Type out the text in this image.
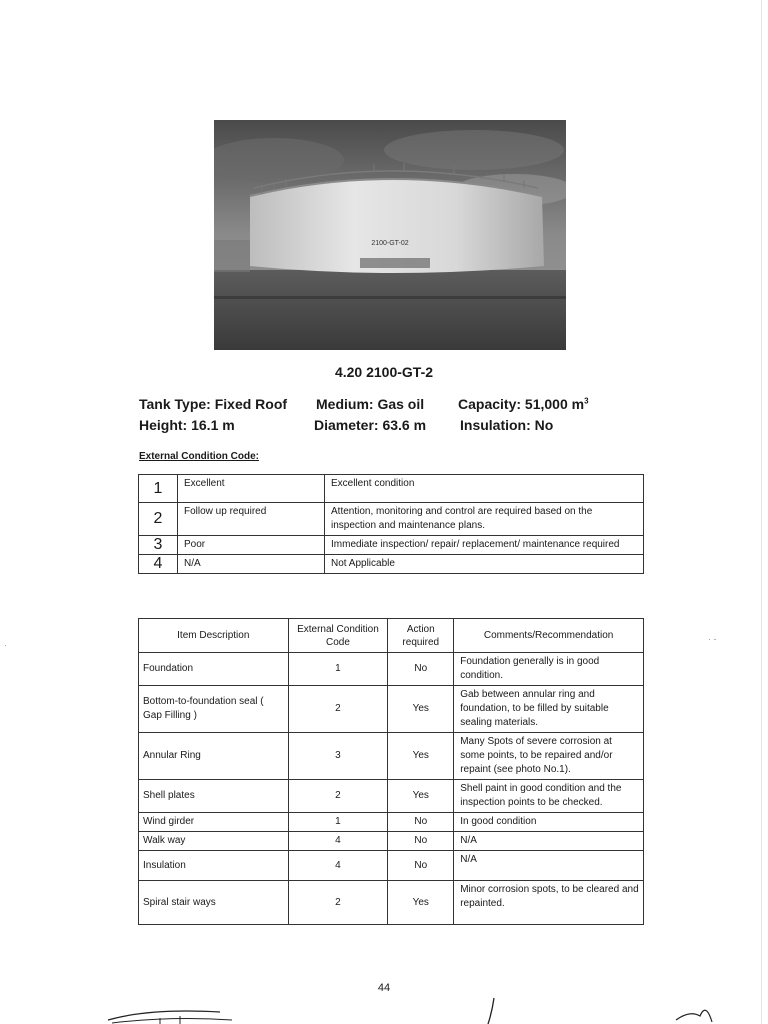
2100-GT-02
4.20 2100-GT-2
Tank Type: Fixed Roof Medium: Gas oil Capacity: 51,000 $m^3$
Height: 16.1 m	Diameter: 63.6 m Insulation: No
External Condition Code:
1	Excellent	Excellent condition
2	Follow up required	Attention, monitoring and control are required based on the inspection and maintenance plans.
3	Poor	Immediate inspection/ repair/ replacement/ maintenance required
4	N/A	Not Applicable
Item Description	External Condition Code	Action required	Comments/Recommendation
Foundation	1	No	Foundation generally is in good condition.
Bottom-to-foundation seal ( Gap Filling )	2	Yes	Gab between annular ring and foundation, to be filled by suitable sealing materials.
Annular Ring	3	Yes	Many Spots of severe corrosion at some points, to be repaired and/or repaint (see photo No.1).
Shell plates	2	Yes	Shell paint in good condition and the inspection points to be checked.
Wind girder	1	No	In good condition
Walk way	4	No	N/A
Insulation	4	No	N/A
Spiral stair ways	2	Yes	Minor corrosion spots, to be cleared and repainted.
44
· -
·
